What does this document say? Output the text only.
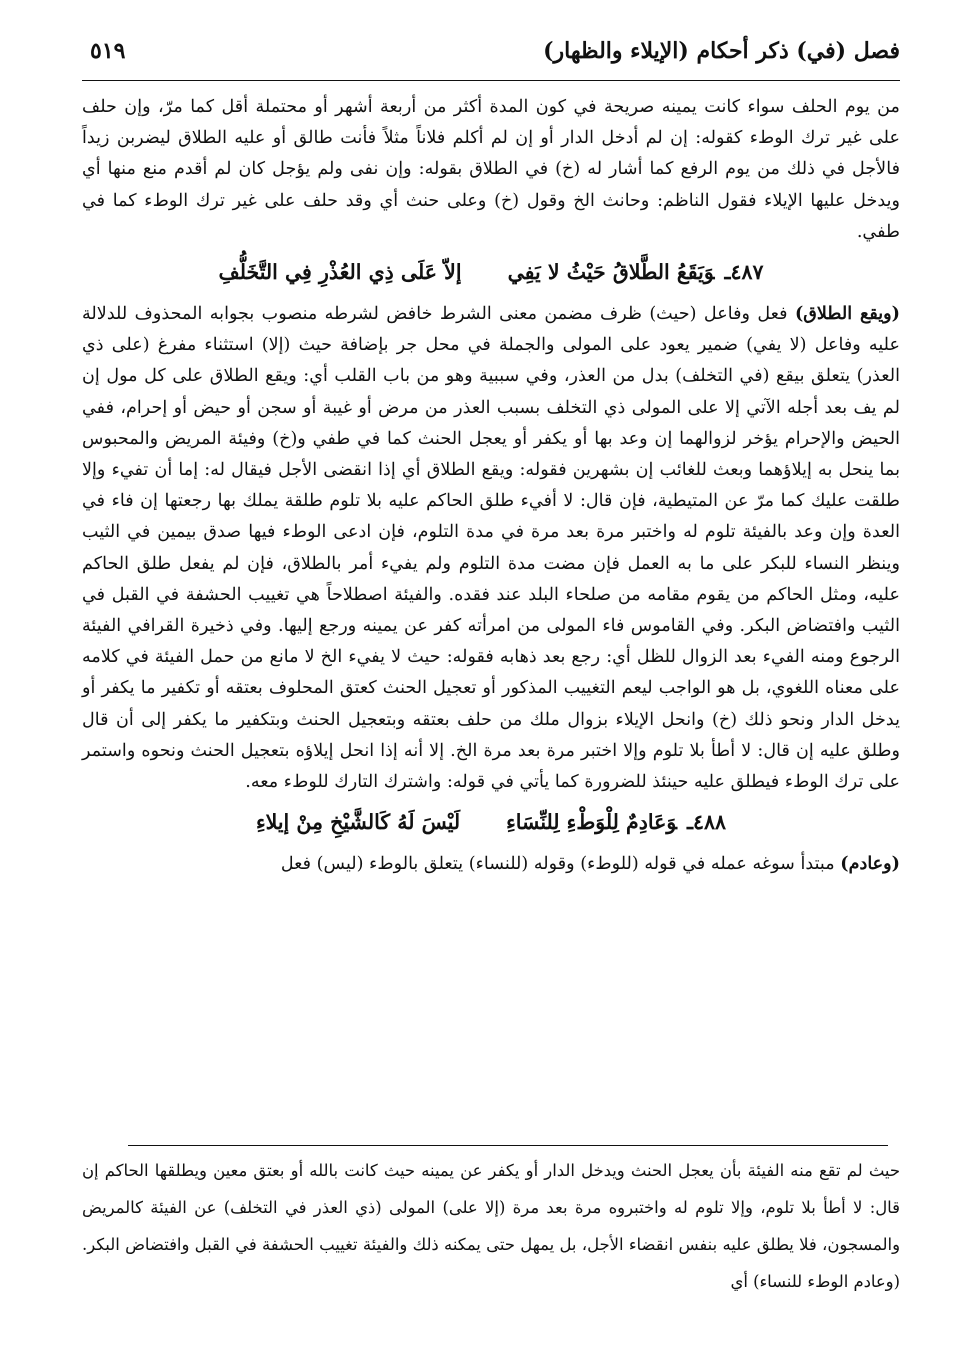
فصل (في) ذكر أحكام (الإيلاء والظهار)
٥١٩

من يوم الحلف سواء كانت يمينه صريحة في كون المدة أكثر من أربعة أشهر أو محتملة أقل كما مرّ، وإن حلف على غير ترك الوطء كقوله: إن لم أدخل الدار أو إن لم أكلم فلاناً مثلاً فأنت طالق أو عليه الطلاق ليضربن زيداً فالأجل في ذلك من يوم الرفع كما أشار له (خ) في الطلاق بقوله: وإن نفى ولم يؤجل كان لم أقدم منع منها أي ويدخل عليها الإيلاء فقول الناظم: وحانث الخ وقول (خ) وعلى حنث أي وقد حلف على غير ترك الوطء كما في طفي.

٤٨٧ـوَيَقَعُ الطَّلاقُ حَيْثُ لا يَفِيإلاّ عَلَى ذِي العُذْرِ فِي التَّخَلُّفِ

(ويقع الطلاق) فعل وفاعل (حيث) ظرف مضمن معنى الشرط خافض لشرطه منصوب بجوابه المحذوف للدلالة عليه وفاعل (لا يفي) ضمير يعود على المولى والجملة في محل جر بإضافة حيث (إلا) استثناء مفرغ (على ذي العذر) يتعلق بيقع (في التخلف) بدل من العذر، وفي سببية وهو من باب القلب أي: ويقع الطلاق على كل مول إن لم يف بعد أجله الآتي إلا على المولى ذي التخلف بسبب العذر من مرض أو غيبة أو سجن أو حيض أو إحرام، ففي الحيض والإحرام يؤخر لزوالهما إن وعد بها أو يكفر أو يعجل الحنث كما في طفي و(خ) وفيئة المريض والمحبوس بما ينحل به إيلاؤهما وبعث للغائب إن بشهرين فقوله: ويقع الطلاق أي إذا انقضى الأجل فيقال له: إما أن تفيء وإلا طلقت عليك كما مرّ عن المتيطية، فإن قال: لا أفيء طلق الحاكم عليه بلا تلوم طلقة يملك بها رجعتها إن فاء في العدة وإن وعد بالفيئة تلوم له واختبر مرة بعد مرة في مدة التلوم، فإن ادعى الوطء فيها صدق بيمين في الثيب وينظر النساء للبكر على ما به العمل فإن مضت مدة التلوم ولم يفيء أمر بالطلاق، فإن لم يفعل طلق الحاكم عليه، ومثل الحاكم من يقوم مقامه من صلحاء البلد عند فقده. والفيئة اصطلاحاً هي تغييب الحشفة في القبل في الثيب وافتضاض البكر. وفي القاموس فاء المولى من امرأته كفر عن يمينه ورجع إليها. وفي ذخيرة القرافي الفيئة الرجوع ومنه الفيء بعد الزوال للظل أي: رجع بعد ذهابه فقوله: حيث لا يفيء الخ لا مانع من حمل الفيئة في كلامه على معناه اللغوي، بل هو الواجب ليعم التغييب المذكور أو تعجيل الحنث كعتق المحلوف بعتقه أو تكفير ما يكفر أو يدخل الدار ونحو ذلك (خ) وانحل الإيلاء بزوال ملك من حلف بعتقه وبتعجيل الحنث وبتكفير ما يكفر إلى أن قال وطلق عليه إن قال: لا أطأ بلا تلوم وإلا اختبر مرة بعد مرة الخ. إلا أنه إذا انحل إيلاؤه بتعجيل الحنث ونحوه واستمر على ترك الوطء فيطلق عليه حينئذ للضرورة كما يأتي في قوله: واشترك التارك للوطء معه.

٤٨٨ـوَعَادِمٌ لِلْوَطْءِ لِلنِّسَاءِلَيْسَ لَهُ كَالشَّيْخِ مِنْ إيلاءِ

(وعادم) مبتدأ سوغه عمله في قوله (للوطء) وقوله (للنساء) يتعلق بالوطء (ليس) فعل

حيث لم تقع منه الفيئة بأن يعجل الحنث ويدخل الدار أو يكفر عن يمينه حيث كانت بالله أو بعتق معين ويطلقها الحاكم إن قال: لا أطأ بلا تلوم، وإلا تلوم له واختبروه مرة بعد مرة (إلا على) المولى (ذي العذر في التخلف) عن الفيئة كالمريض والمسجون، فلا يطلق عليه بنفس انقضاء الأجل، بل يمهل حتى يمكنه ذلك والفيئة تغييب الحشفة في القبل وافتضاض البكر. (وعادم الوطء للنساء) أي
